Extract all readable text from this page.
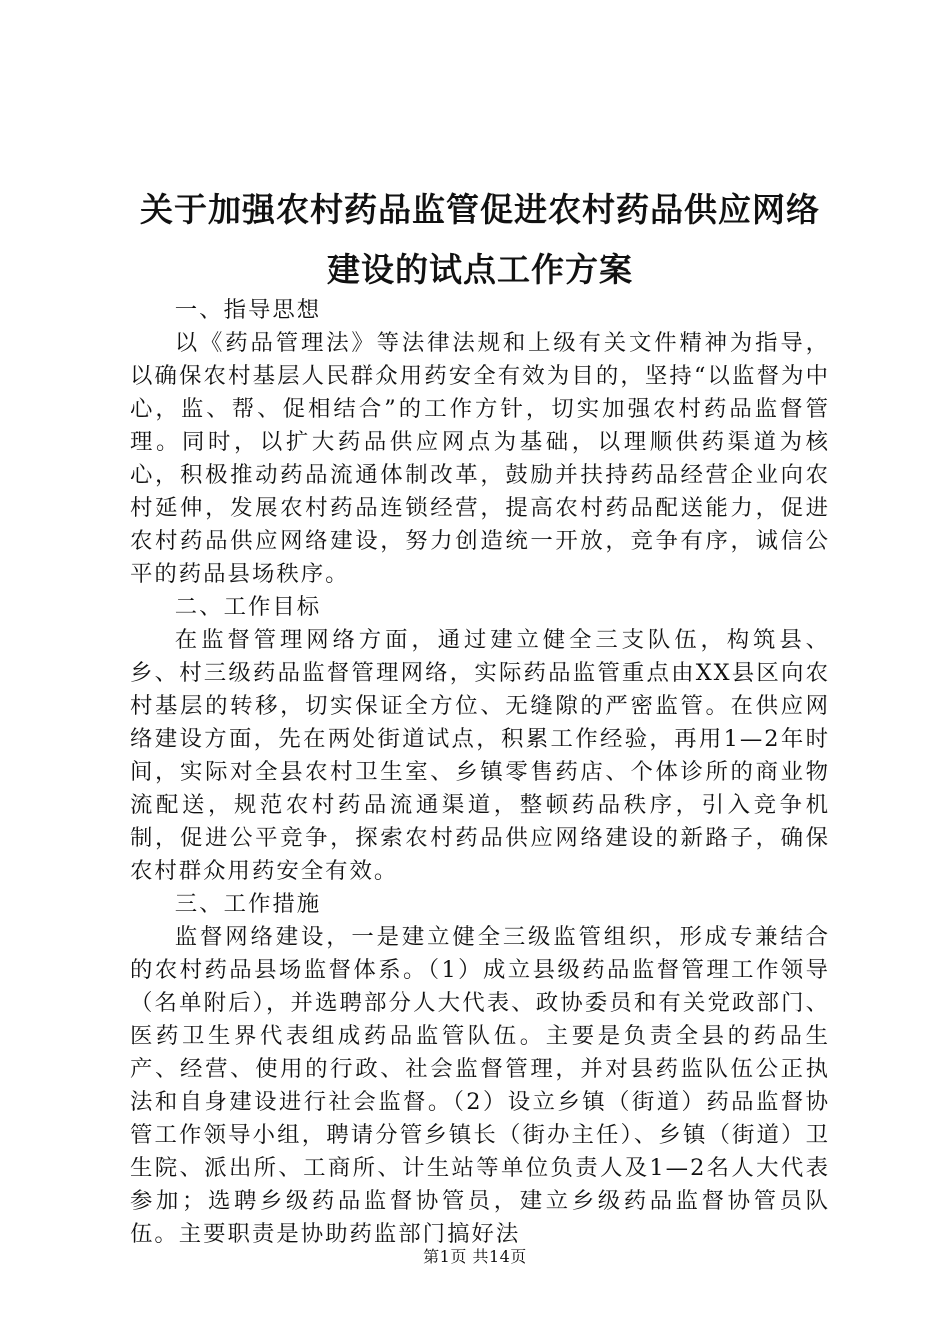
关于加强农村药品监管促进农村药品供应网络
建设的试点工作方案
一、指导思想

以《药品管理法》等法律法规和上级有关文件精神为指导，以确保农村基层人民群众用药安全有效为目的，坚持“以监督为中心，监、帮、促相结合”的工作方针，切实加强农村药品监督管理。同时，以扩大药品供应网点为基础，以理顺供药渠道为核心，积极推动药品流通体制改革，鼓励并扶持药品经营企业向农村延伸，发展农村药品连锁经营，提高农村药品配送能力，促进农村药品供应网络建设，努力创造统一开放，竞争有序，诚信公平的药品县场秩序。

二、工作目标

在监督管理网络方面，通过建立健全三支队伍，构筑县、乡、村三级药品监督管理网络，实际药品监管重点由XX县区向农村基层的转移，切实保证全方位、无缝隙的严密监管。在供应网络建设方面，先在两处街道试点，积累工作经验，再用1—2年时间，实际对全县农村卫生室、乡镇零售药店、个体诊所的商业物流配送，规范农村药品流通渠道，整顿药品秩序，引入竞争机制，促进公平竞争，探索农村药品供应网络建设的新路子，确保农村群众用药安全有效。

三、工作措施

监督网络建设，一是建立健全三级监管组织，形成专兼结合的农村药品县场监督体系。（1）成立县级药品监督管理工作领导（名单附后），并选聘部分人大代表、政协委员和有关党政部门、医药卫生界代表组成药品监管队伍。主要是负责全县的药品生产、经营、使用的行政、社会监督管理，并对县药监队伍公正执法和自身建设进行社会监督。（2）设立乡镇（街道）药品监督协管工作领导小组，聘请分管乡镇长（街办主任）、乡镇（街道）卫生院、派出所、工商所、计生站等单位负责人及1—2名人大代表参加；选聘乡级药品监督协管员，建立乡级药品监督协管员队伍。主要职责是协助药监部门搞好法

第1页 共14页
